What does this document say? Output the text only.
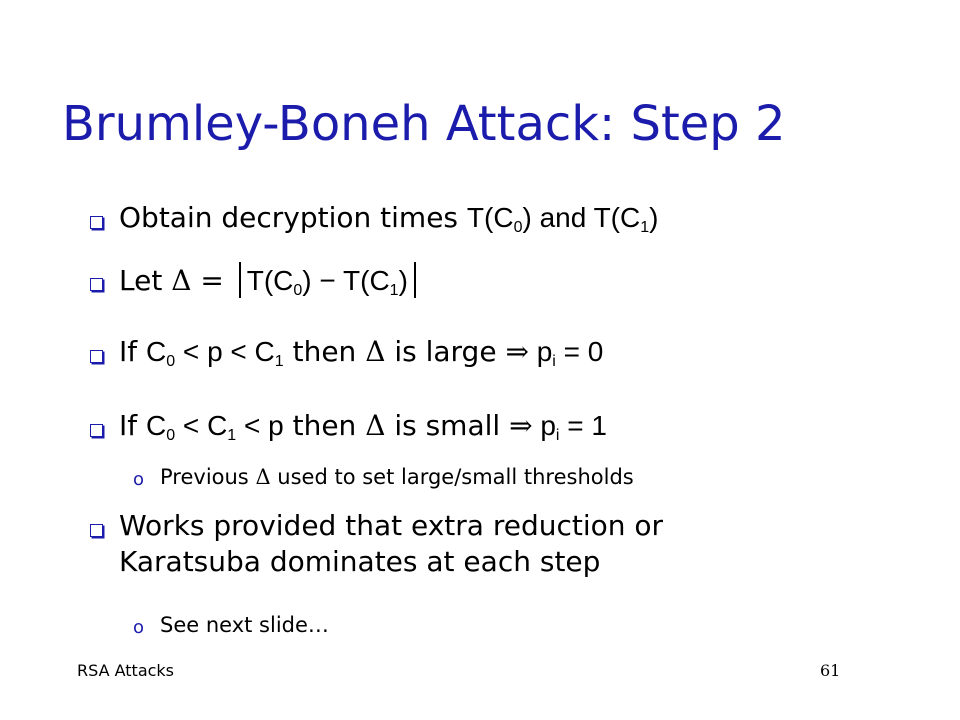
Brumley-Boneh Attack: Step 2
Obtain decryption times $T(C_0)$ and $T(C_1)$
Let $\Delta = T(C_0) - T(C_1)$
If $C_0 < p < C_1$ then Δ is large ⇒ $p_i = 0$
If $C_0 < C_1 < p$ then Δ is small ⇒ $p_i = 1$
o Previous Δ used to set large/small thresholds
Works provided that extra reduction or
Karatsuba dominates at each step
o See next slide…
RSA Attacks	61
